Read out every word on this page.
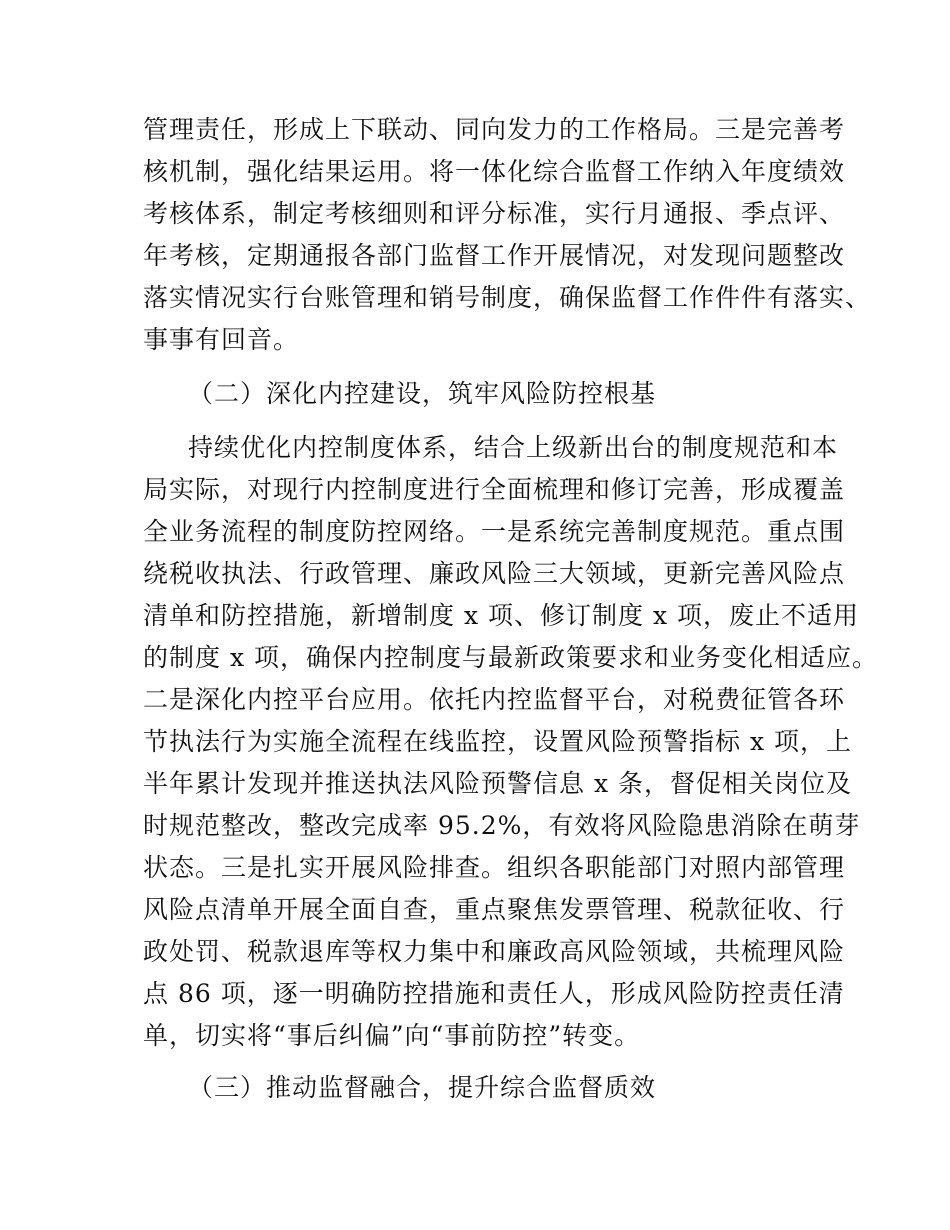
管理责任，形成上下联动、同向发力的工作格局。三是完善考
核机制，强化结果运用。将一体化综合监督工作纳入年度绩效
考核体系，制定考核细则和评分标准，实行月通报、季点评、
年考核，定期通报各部门监督工作开展情况，对发现问题整改
落实情况实行台账管理和销号制度，确保监督工作件件有落实、
事事有回音。
（二）深化内控建设，筑牢风险防控根基
持续优化内控制度体系，结合上级新出台的制度规范和本
局实际，对现行内控制度进行全面梳理和修订完善，形成覆盖
全业务流程的制度防控网络。一是系统完善制度规范。重点围
绕税收执法、行政管理、廉政风险三大领域，更新完善风险点
清单和防控措施，新增制度 x 项、修订制度 x 项，废止不适用
的制度 x 项，确保内控制度与最新政策要求和业务变化相适应。
二是深化内控平台应用。依托内控监督平台，对税费征管各环
节执法行为实施全流程在线监控，设置风险预警指标 x 项，上
半年累计发现并推送执法风险预警信息 x 条，督促相关岗位及
时规范整改，整改完成率 95.2%，有效将风险隐患消除在萌芽
状态。三是扎实开展风险排查。组织各职能部门对照内部管理
风险点清单开展全面自查，重点聚焦发票管理、税款征收、行
政处罚、税款退库等权力集中和廉政高风险领域，共梳理风险
点 86 项，逐一明确防控措施和责任人，形成风险防控责任清
单，切实将“事后纠偏”向“事前防控”转变。
（三）推动监督融合，提升综合监督质效
